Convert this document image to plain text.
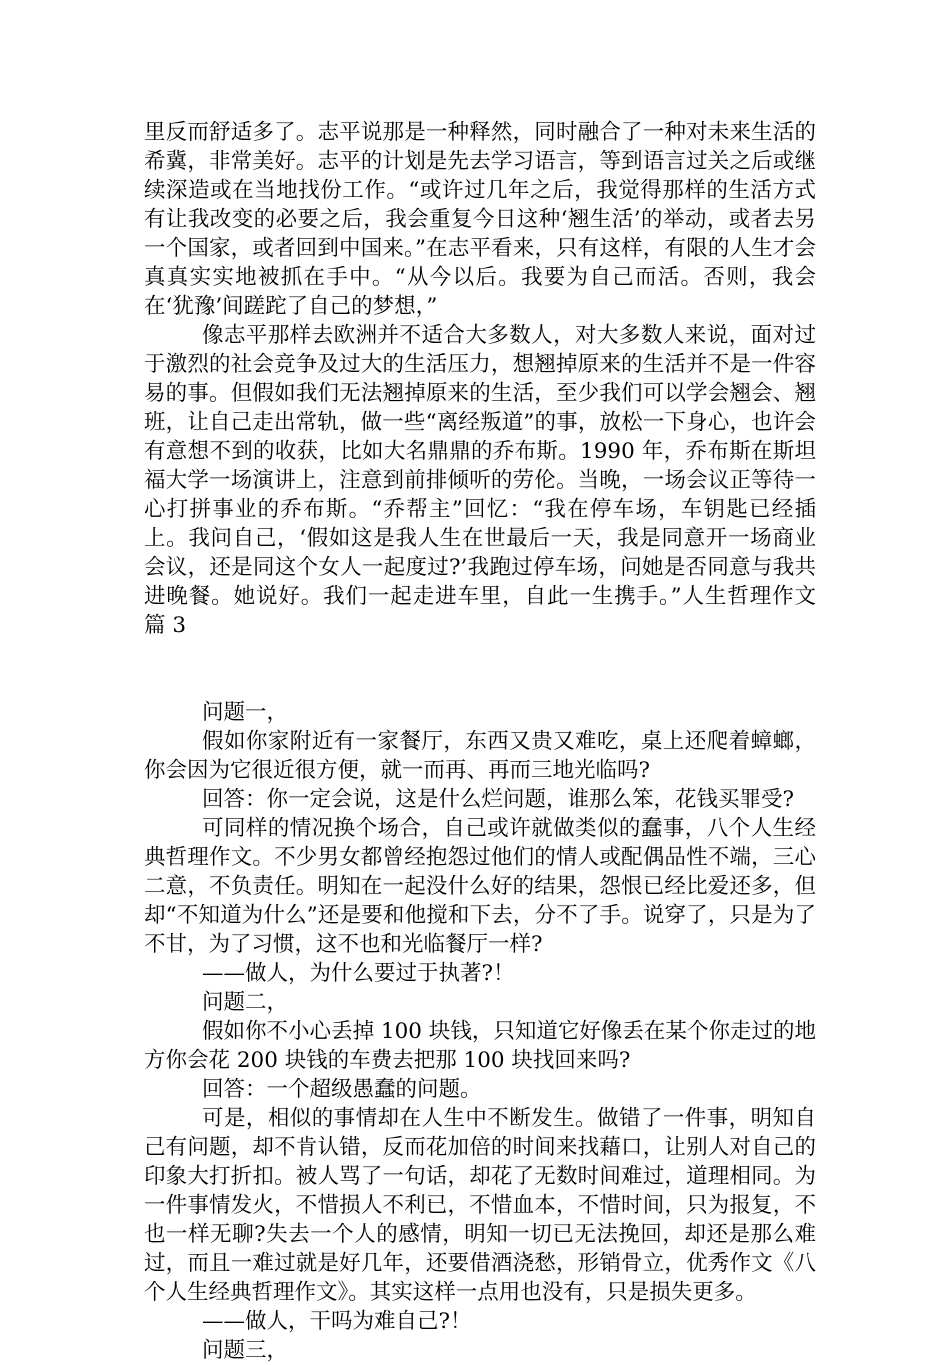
里反而舒适多了。志平说那是一种释然，同时融合了一种对未来生活的希冀，非常美好。志平的计划是先去学习语言，等到语言过关之后或继续深造或在当地找份工作。“或许过几年之后，我觉得那样的生活方式有让我改变的必要之后，我会重复今日这种‘翘生活’的举动，或者去另一个国家，或者回到中国来。”在志平看来，只有这样，有限的人生才会真真实实地被抓在手中。“从今以后。我要为自己而活。否则，我会在‘犹豫’间蹉跎了自己的梦想，”

像志平那样去欧洲并不适合大多数人，对大多数人来说，面对过于激烈的社会竞争及过大的生活压力，想翘掉原来的生活并不是一件容易的事。但假如我们无法翘掉原来的生活，至少我们可以学会翘会、翘班，让自己走出常轨，做一些“离经叛道”的事，放松一下身心，也许会有意想不到的收获，比如大名鼎鼎的乔布斯。1990 年，乔布斯在斯坦福大学一场演讲上，注意到前排倾听的劳伦。当晚，一场会议正等待一心打拼事业的乔布斯。“乔帮主”回忆：“我在停车场，车钥匙已经插上。我问自己，‘假如这是我人生在世最后一天，我是同意开一场商业会议，还是同这个女人一起度过?’我跑过停车场，问她是否同意与我共进晚餐。她说好。我们一起走进车里，自此一生携手。”人生哲理作文 篇 3

问题一，

假如你家附近有一家餐厅，东西又贵又难吃，桌上还爬着蟑螂，你会因为它很近很方便，就一而再、再而三地光临吗?

回答：你一定会说，这是什么烂问题，谁那么笨，花钱买罪受?

可同样的情况换个场合，自己或许就做类似的蠢事，八个人生经典哲理作文。不少男女都曾经抱怨过他们的情人或配偶品性不端，三心二意，不负责任。明知在一起没什么好的结果，怨恨已经比爱还多，但却“不知道为什么”还是要和他搅和下去，分不了手。说穿了，只是为了不甘，为了习惯，这不也和光临餐厅一样?

——做人，为什么要过于执著?！

问题二，

假如你不小心丢掉 100 块钱，只知道它好像丢在某个你走过的地方你会花 200 块钱的车费去把那 100 块找回来吗?

回答：一个超级愚蠢的问题。

可是，相似的事情却在人生中不断发生。做错了一件事，明知自己有问题，却不肯认错，反而花加倍的时间来找藉口，让别人对自己的印象大打折扣。被人骂了一句话，却花了无数时间难过，道理相同。为一件事情发火，不惜损人不利已，不惜血本，不惜时间，只为报复，不也一样无聊?失去一个人的感情，明知一切已无法挽回，却还是那么难过，而且一难过就是好几年，还要借酒浇愁，形销骨立，优秀作文《八个人生经典哲理作文》。其实这样一点用也没有，只是损失更多。

——做人，干吗为难自己?！

问题三，
